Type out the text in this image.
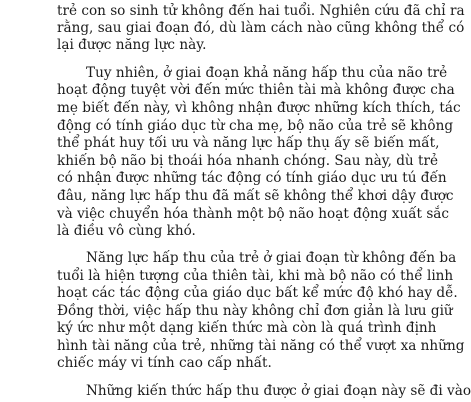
trẻ con so sinh tử không đến hai tuổi. Nghiên cứu đã chỉ ra
rằng, sau giai đoạn đó, dù làm cách nào cũng không thể có
lại được năng lực này.
Tuy nhiên, ở giai đoạn khả năng hấp thu của não trẻ
hoạt động tuyệt vời đến mức thiên tài mà không được cha
mẹ biết đến này, vì không nhận được những kích thích, tác
động có tính giáo dục từ cha mẹ, bộ não của trẻ sẽ không
thể phát huy tối ưu và năng lực hấp thụ ấy sẽ biến mất,
khiến bộ não bị thoái hóa nhanh chóng. Sau này, dù trẻ
có nhận được những tác động có tính giáo dục ưu tú đến
đâu, năng lực hấp thu đã mất sẽ không thể khơi dậy được
và việc chuyển hóa thành một bộ não hoạt động xuất sắc
là điều vô cùng khó.
Năng lực hấp thu của trẻ ở giai đoạn từ không đến ba
tuổi là hiện tượng của thiên tài, khi mà bộ não có thể linh
hoạt các tác động của giáo dục bất kể mức độ khó hay dễ.
Đồng thời, việc hấp thu này không chỉ đơn giản là lưu giữ
ký ức như một dạng kiến thức mà còn là quá trình định
hình tài năng của trẻ, những tài năng có thể vượt xa những
chiếc máy vi tính cao cấp nhất.
Những kiến thức hấp thu được ở giai đoạn này sẽ đi vào
